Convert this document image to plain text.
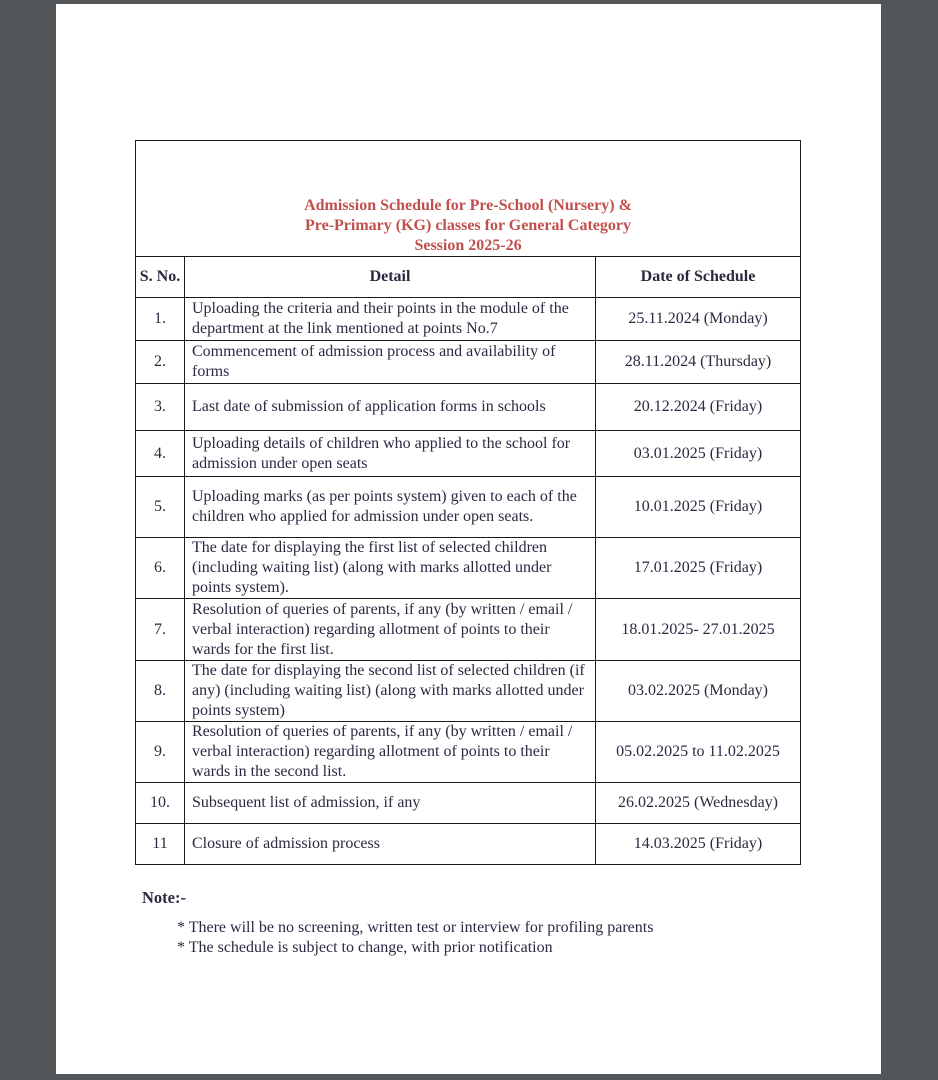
Admission Schedule for Pre-School (Nursery) &
Pre-Primary (KG) classes for General Category
Session 2025-26		

S. No.	Detail	Date of Schedule
1.	Uploading the criteria and their points in the module of the department at the link mentioned at points No.7	25.11.2024 (Monday)
2.	Commencement of admission process and availability of forms	28.11.2024 (Thursday)
3.	Last date of submission of application forms in schools	20.12.2024 (Friday)
4.	Uploading details of children who applied to the school for admission under open seats	03.01.2025 (Friday)
5.	Uploading marks (as per points system) given to each of the children who applied for admission under open seats.	10.01.2025 (Friday)
6.	The date for displaying the first list of selected children (including waiting list) (along with marks allotted under points system).	17.01.2025 (Friday)
7.	Resolution of queries of parents, if any (by written / email / verbal interaction) regarding allotment of points to their wards for the first list.	18.01.2025- 27.01.2025
8.	The date for displaying the second list of selected children (if any) (including waiting list) (along with marks allotted under points system)	03.02.2025 (Monday)
9.	Resolution of queries of parents, if any (by written / email / verbal interaction) regarding allotment of points to their wards in the second list.	05.02.2025 to 11.02.2025
10.	Subsequent list of admission, if any	26.02.2025 (Wednesday)
11	Closure of admission process	14.03.2025 (Friday)
Note:-
* There will be no screening, written test or interview for profiling parents
* The schedule is subject to change, with prior notification
